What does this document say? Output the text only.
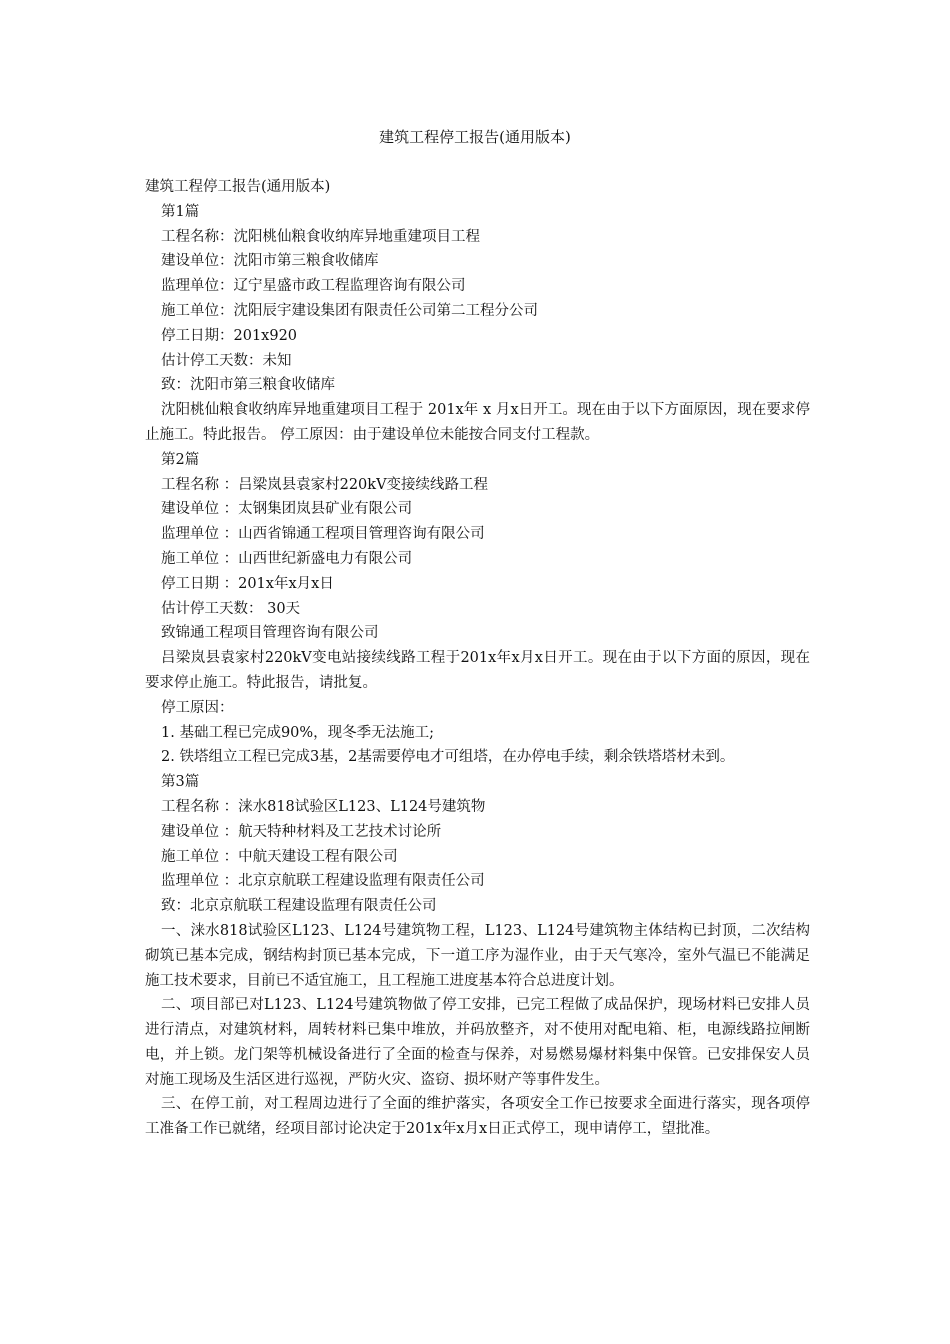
建筑工程停工报告(通用版本)

建筑工程停工报告(通用版本)

第1篇

工程名称：沈阳桃仙粮食收纳库异地重建项目工程

建设单位：沈阳市第三粮食收储库

监理单位：辽宁星盛市政工程监理咨询有限公司

施工单位：沈阳辰宇建设集团有限责任公司第二工程分公司

停工日期：201x920

估计停工天数：未知

致：沈阳市第三粮食收储库

沈阳桃仙粮食收纳库异地重建项目工程于 201x年 x 月x日开工。现在由于以下方面原因，现在要求停止施工。特此报告。 停工原因：由于建设单位未能按合同支付工程款。

第2篇

工程名称 ：吕梁岚县袁家村220kV变接续线路工程

建设单位 ：太钢集团岚县矿业有限公司

监理单位 ：山西省锦通工程项目管理咨询有限公司

施工单位 ：山西世纪新盛电力有限公司

停工日期 ：201x年x月x日

估计停工天数： 30天

致锦通工程项目管理咨询有限公司

吕梁岚县袁家村220kV变电站接续线路工程于201x年x月x日开工。现在由于以下方面的原因，现在要求停止施工。特此报告，请批复。

停工原因：

1. 基础工程已完成90%，现冬季无法施工;

2. 铁塔组立工程已完成3基，2基需要停电才可组塔，在办停电手续，剩余铁塔塔材未到。

第3篇

工程名称 ：涞水818试验区L123、L124号建筑物

建设单位 ：航天特种材料及工艺技术讨论所

施工单位 ：中航天建设工程有限公司

监理单位 ：北京京航联工程建设监理有限责任公司

致：北京京航联工程建设监理有限责任公司

一、涞水818试验区L123、L124号建筑物工程，L123、L124号建筑物主体结构已封顶，二次结构砌筑已基本完成，钢结构封顶已基本完成，下一道工序为湿作业，由于天气寒冷，室外气温已不能满足施工技术要求，目前已不适宜施工，且工程施工进度基本符合总进度计划。

二、项目部已对L123、L124号建筑物做了停工安排，已完工程做了成品保护，现场材料已安排人员进行清点，对建筑材料，周转材料已集中堆放，并码放整齐，对不使用对配电箱、柜，电源线路拉闸断电，并上锁。龙门架等机械设备进行了全面的检查与保养，对易燃易爆材料集中保管。已安排保安人员对施工现场及生活区进行巡视，严防火灾、盗窃、损坏财产等事件发生。

三、在停工前，对工程周边进行了全面的维护落实，各项安全工作已按要求全面进行落实，现各项停工准备工作已就绪，经项目部讨论决定于201x年x月x日正式停工，现申请停工，望批准。
